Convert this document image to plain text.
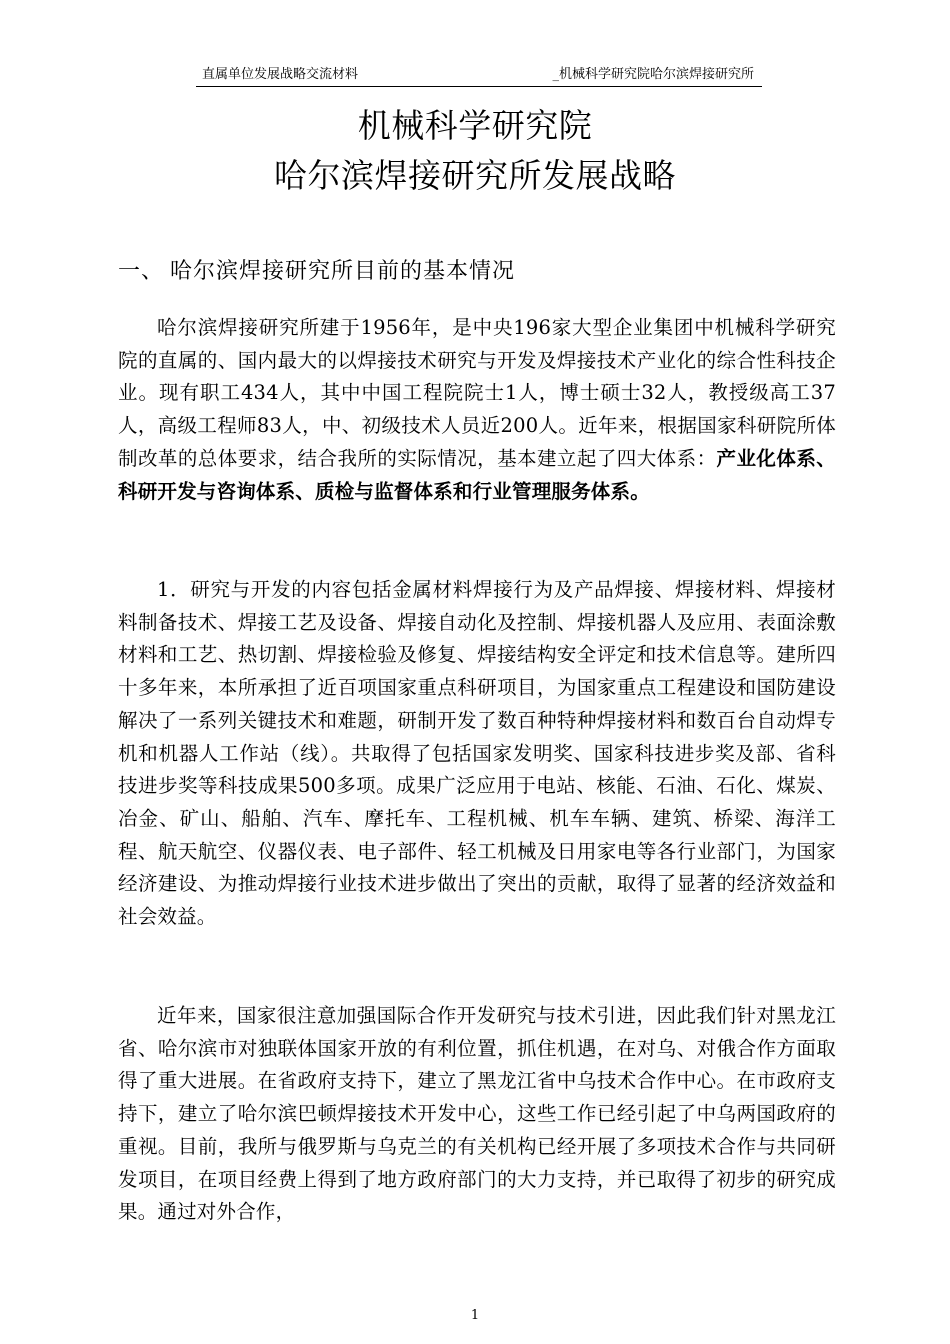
直属单位发展战略交流材料	_机械科学研究院哈尔滨焊接研究所
机械科学研究院
哈尔滨焊接研究所发展战略
一、 哈尔滨焊接研究所目前的基本情况

哈尔滨焊接研究所建于1956年，是中央196家大型企业集团中机械科学研究院的直属的、国内最大的以焊接技术研究与开发及焊接技术产业化的综合性科技企业。现有职工434人，其中中国工程院院士1人，博士硕士32人，教授级高工37人，高级工程师83人，中、初级技术人员近200人。近年来，根据国家科研院所体制改革的总体要求，结合我所的实际情况，基本建立起了四大体系：产业化体系、科研开发与咨询体系、质检与监督体系和行业管理服务体系。

1．研究与开发的内容包括金属材料焊接行为及产品焊接、焊接材料、焊接材料制备技术、焊接工艺及设备、焊接自动化及控制、焊接机器人及应用、表面涂敷材料和工艺、热切割、焊接检验及修复、焊接结构安全评定和技术信息等。建所四十多年来，本所承担了近百项国家重点科研项目，为国家重点工程建设和国防建设解决了一系列关键技术和难题，研制开发了数百种特种焊接材料和数百台自动焊专机和机器人工作站（线）。共取得了包括国家发明奖、国家科技进步奖及部、省科技进步奖等科技成果500多项。成果广泛应用于电站、核能、石油、石化、煤炭、冶金、矿山、船舶、汽车、摩托车、工程机械、机车车辆、建筑、桥梁、海洋工程、航天航空、仪器仪表、电子部件、轻工机械及日用家电等各行业部门，为国家经济建设、为推动焊接行业技术进步做出了突出的贡献，取得了显著的经济效益和社会效益。

近年来，国家很注意加强国际合作开发研究与技术引进，因此我们针对黑龙江省、哈尔滨市对独联体国家开放的有利位置，抓住机遇，在对乌、对俄合作方面取得了重大进展。在省政府支持下，建立了黑龙江省中乌技术合作中心。在市政府支持下，建立了哈尔滨巴顿焊接技术开发中心，这些工作已经引起了中乌两国政府的重视。目前，我所与俄罗斯与乌克兰的有关机构已经开展了多项技术合作与共同研发项目，在项目经费上得到了地方政府部门的大力支持，并已取得了初步的研究成果。通过对外合作，

1
